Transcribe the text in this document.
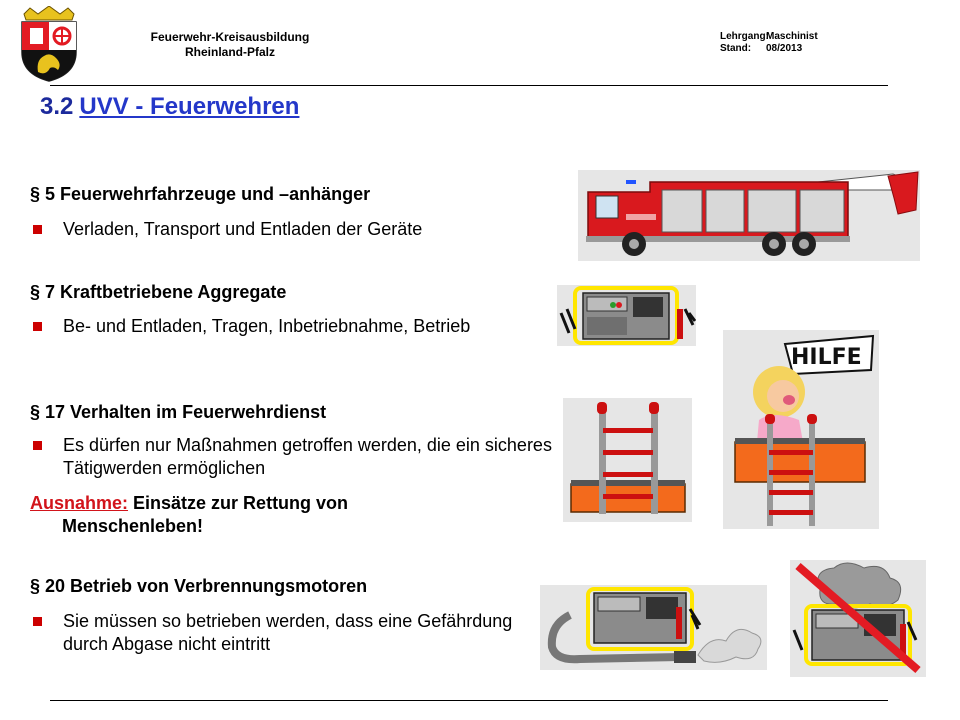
Feuerwehr-Kreisausbildung
Rheinland-Pfalz
Lehrgang:Maschinist
Stand: 08/2013
3.2 UVV - Feuerwehren
§ 5 Feuerwehrfahrzeuge und –anhänger
Verladen, Transport und Entladen der Geräte
§ 7 Kraftbetriebene Aggregate
Be- und Entladen, Tragen, Inbetriebnahme, Betrieb
§ 17 Verhalten im Feuerwehrdienst
Es dürfen nur Maßnahmen getroffen werden, die ein sicheres Tätigwerden ermöglichen
Ausnahme: Einsätze zur Rettung von
Menschenleben!
§ 20 Betrieb von Verbrennungsmotoren
Sie müssen so betrieben werden, dass eine Gefährdung durch Abgase nicht eintritt
HILFE
